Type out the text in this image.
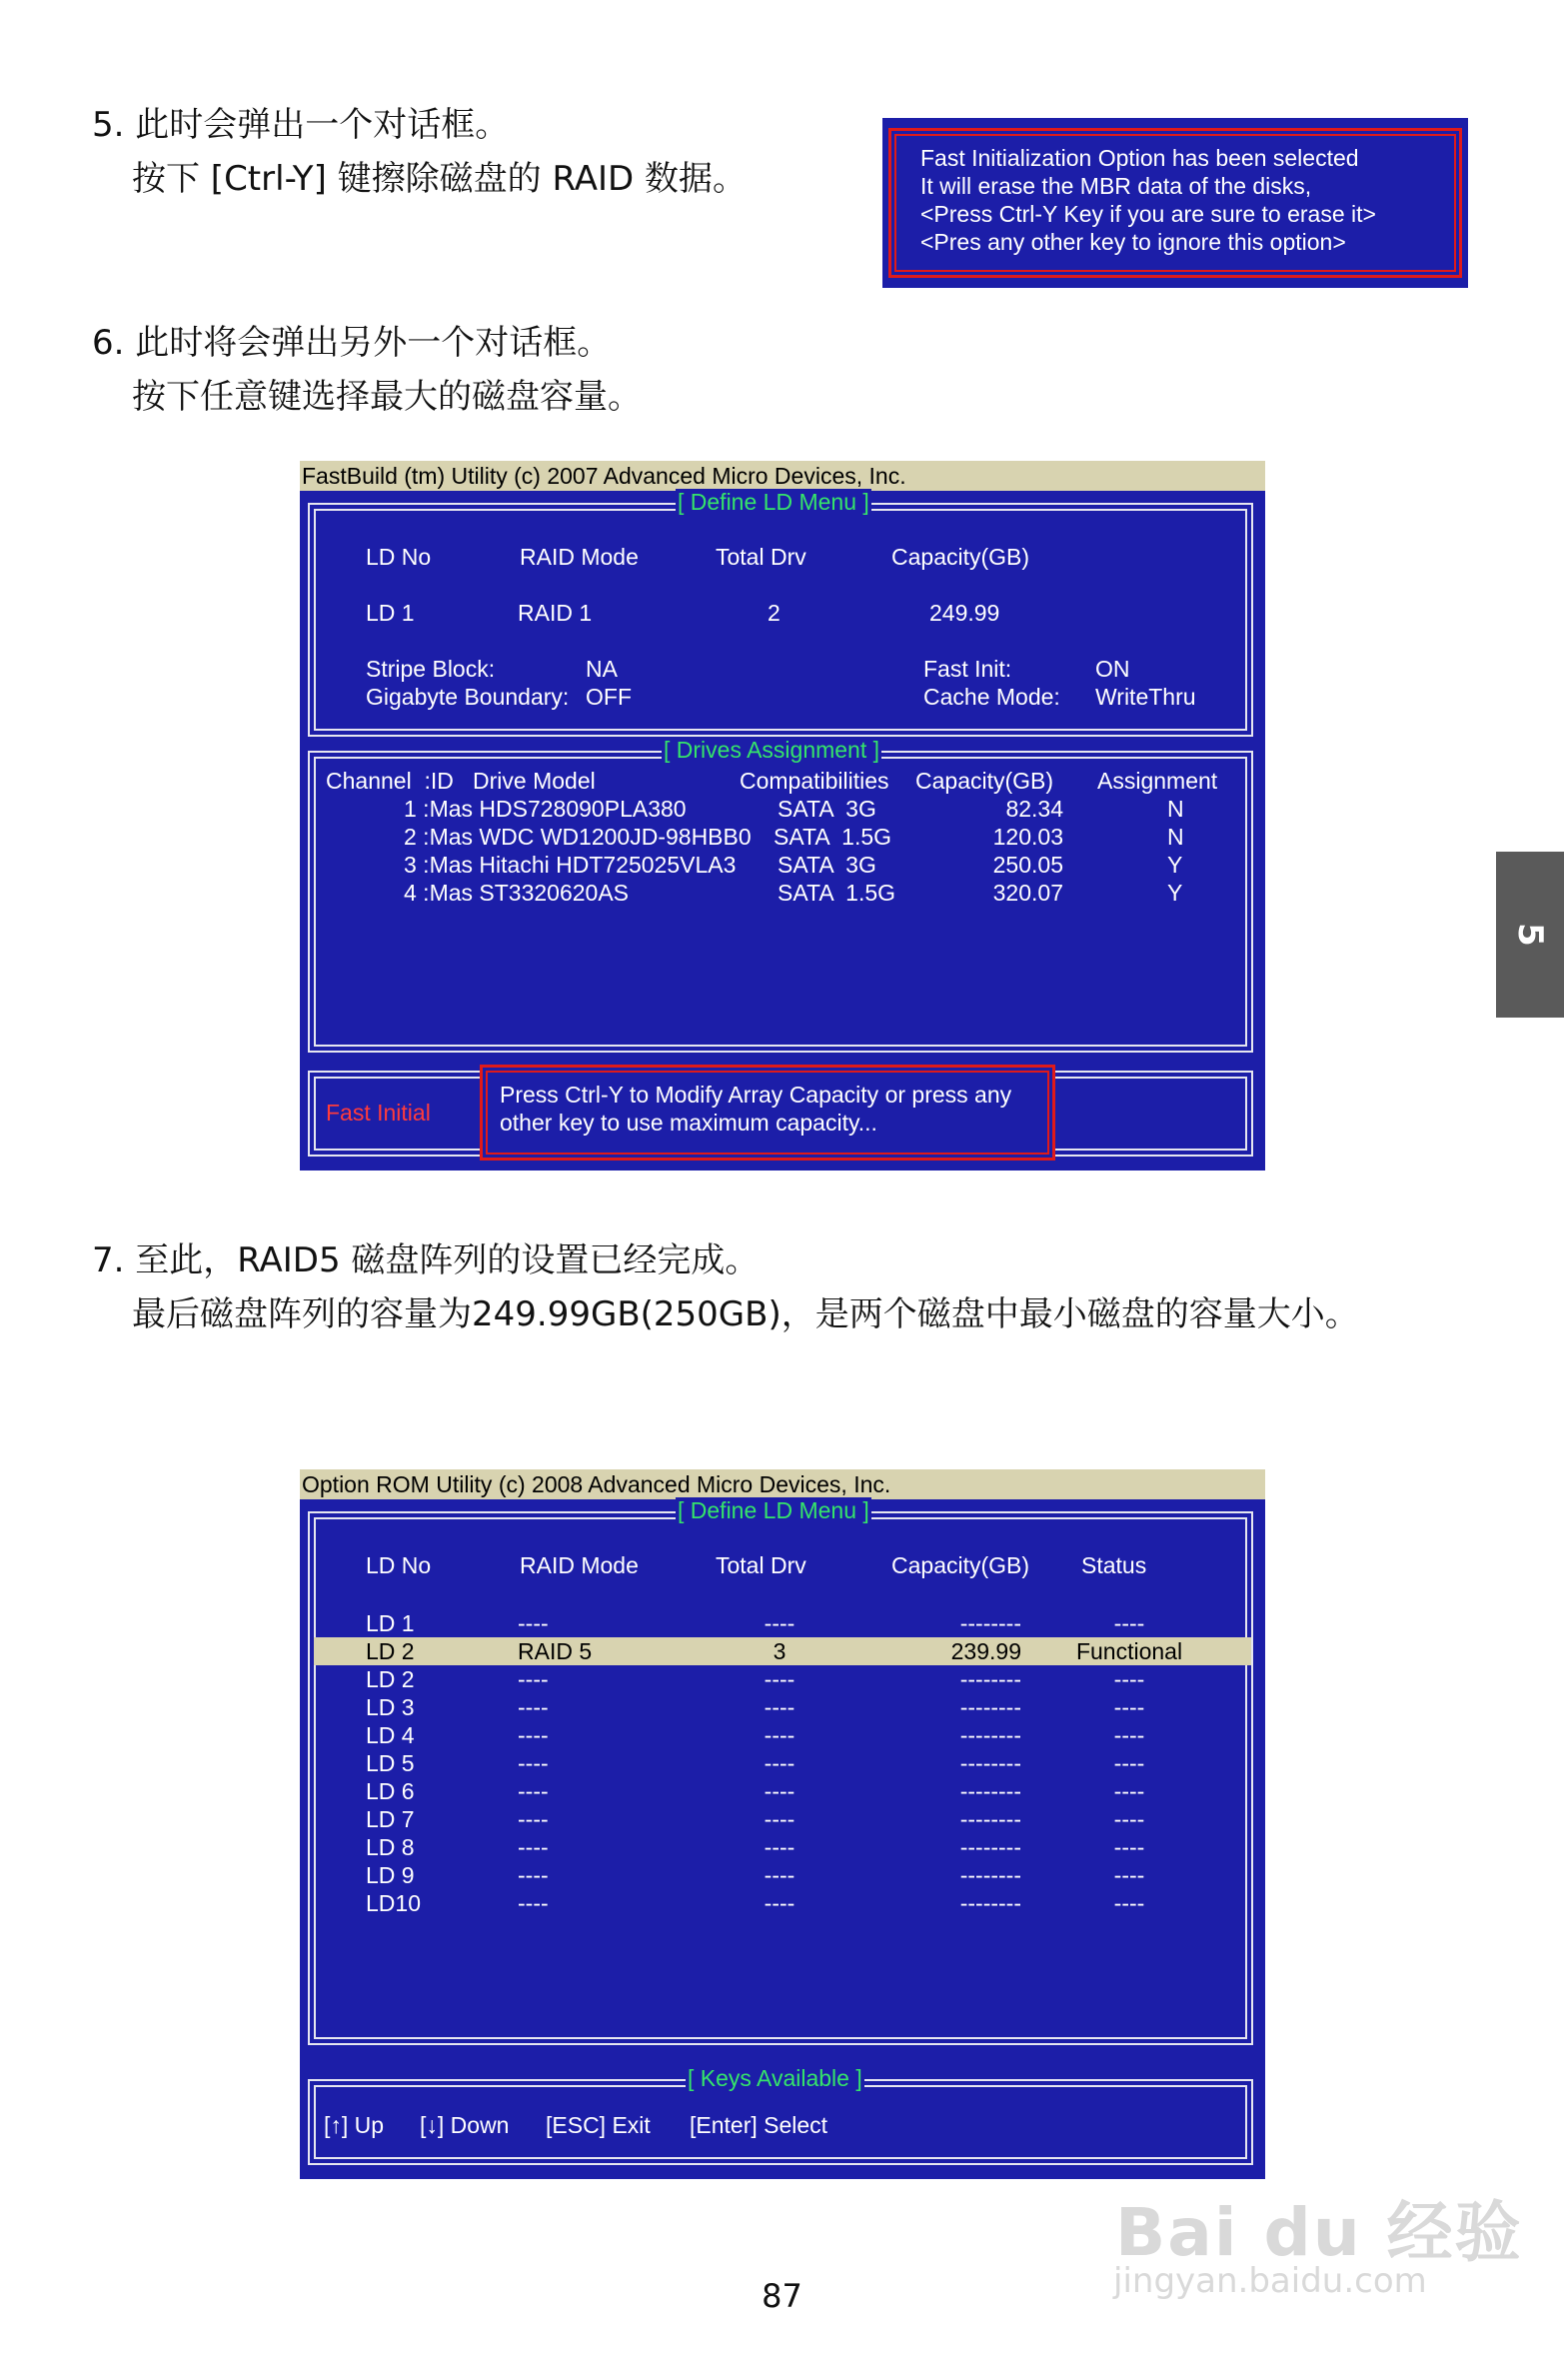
5. 此时会弹出一个对话框。
按下 [Ctrl-Y] 键擦除磁盘的 RAID 数据。
Fast Initialization Option has been selected
It will erase the MBR data of the disks,
<Press Ctrl-Y Key if you are sure to erase it>
<Pres any other key to ignore this option>
6. 此时将会弹出另外一个对话框。
按下任意键选择最大的磁盘容量。
FastBuild (tm) Utility (c) 2007 Advanced Micro Devices, Inc.
[ Define LD Menu ]
LD No	RAID Mode	Total Drv	Capacity(GB)
LD 1	RAID 1	2	249.99
Stripe Block:	NA
Gigabyte Boundary: OFF
Fast Init:	ON
Cache Mode: WriteThru
[ Drives Assignment ]
Channel  :ID   Drive Model	Compatibilities Capacity(GB) Assignment
1 :Mas HDS728090PLA380	SATA  3G	82.34	N
2 :Mas WDC WD1200JD-98HBB0 SATA  1.5G	120.03	N
3 :Mas Hitachi HDT725025VLA3 SATA  3G	250.05	Y
4 :Mas ST3320620AS	SATA  1.5G	320.07	Y
Fast Initial
Press Ctrl-Y to Modify Array Capacity or press any
other key to use maximum capacity...
5
7. 至此，RAID5 磁盘阵列的设置已经完成。
最后磁盘阵列的容量为249.99GB(250GB)，是两个磁盘中最小磁盘的容量大小。
Option ROM Utility (c) 2008 Advanced Micro Devices, Inc.
[ Define LD Menu ]
LD No	RAID Mode	Total Drv	Capacity(GB) Status
LD 1	----	----	--------	----
LD 2	RAID 5	3	239.99	Functional
LD 2	----	----	--------	----
LD 3	----	----	--------	----
LD 4	----	----	--------	----
LD 5	----	----	--------	----
LD 6	----	----	--------	----
LD 7	----	----	--------	----
LD 8	----	----	--------	----
LD 9	----	----	--------	----
LD10	----	----	--------	----
[ Keys Available ]
[↑] Up [↓] Down [ESC] Exit [Enter] Select
87
Bai du 经验
jingyan.baidu.com
